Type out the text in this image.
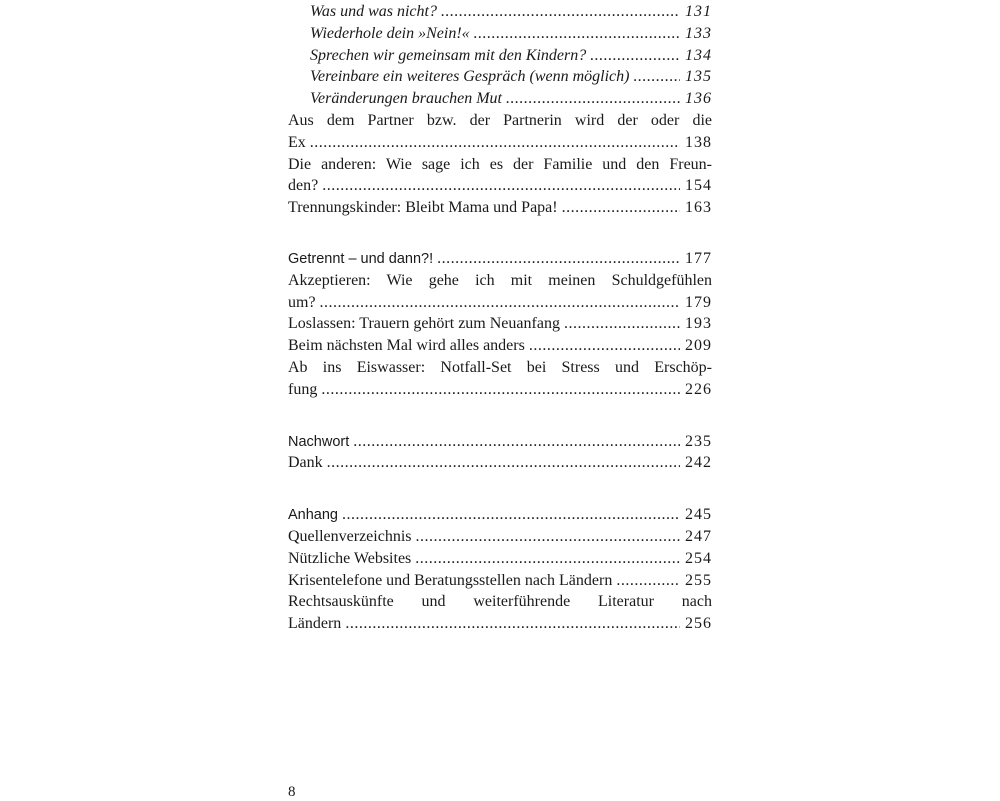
Was und was nicht? .....	131
Wiederhole dein »Nein!« .....	133
Sprechen wir gemeinsam mit den Kindern? .....	134
Vereinbare ein weiteres Gespräch (wenn möglich) .....	135
Veränderungen brauchen Mut .....	136
Aus dem Partner bzw. der Partnerin wird der oder die
Ex .....	138
Die anderen: Wie sage ich es der Familie und den Freun-
den? .....	154
Trennungskinder: Bleibt Mama und Papa! .....	163
Getrennt – und dann?! .....	177
Akzeptieren: Wie gehe ich mit meinen Schuldgefühlen
um? .....	179
Loslassen: Trauern gehört zum Neuanfang .....	193
Beim nächsten Mal wird alles anders .....	209
Ab ins Eiswasser: Notfall-Set bei Stress und Erschöp-
fung .....	226
Nachwort .....	235
Dank .....	242
Anhang .....	245
Quellenverzeichnis .....	247
Nützliche Websites .....	254
Krisentelefone und Beratungsstellen nach Ländern .....	255
Rechtsauskünfte und weiterführende Literatur nach
Ländern .....	256
8
